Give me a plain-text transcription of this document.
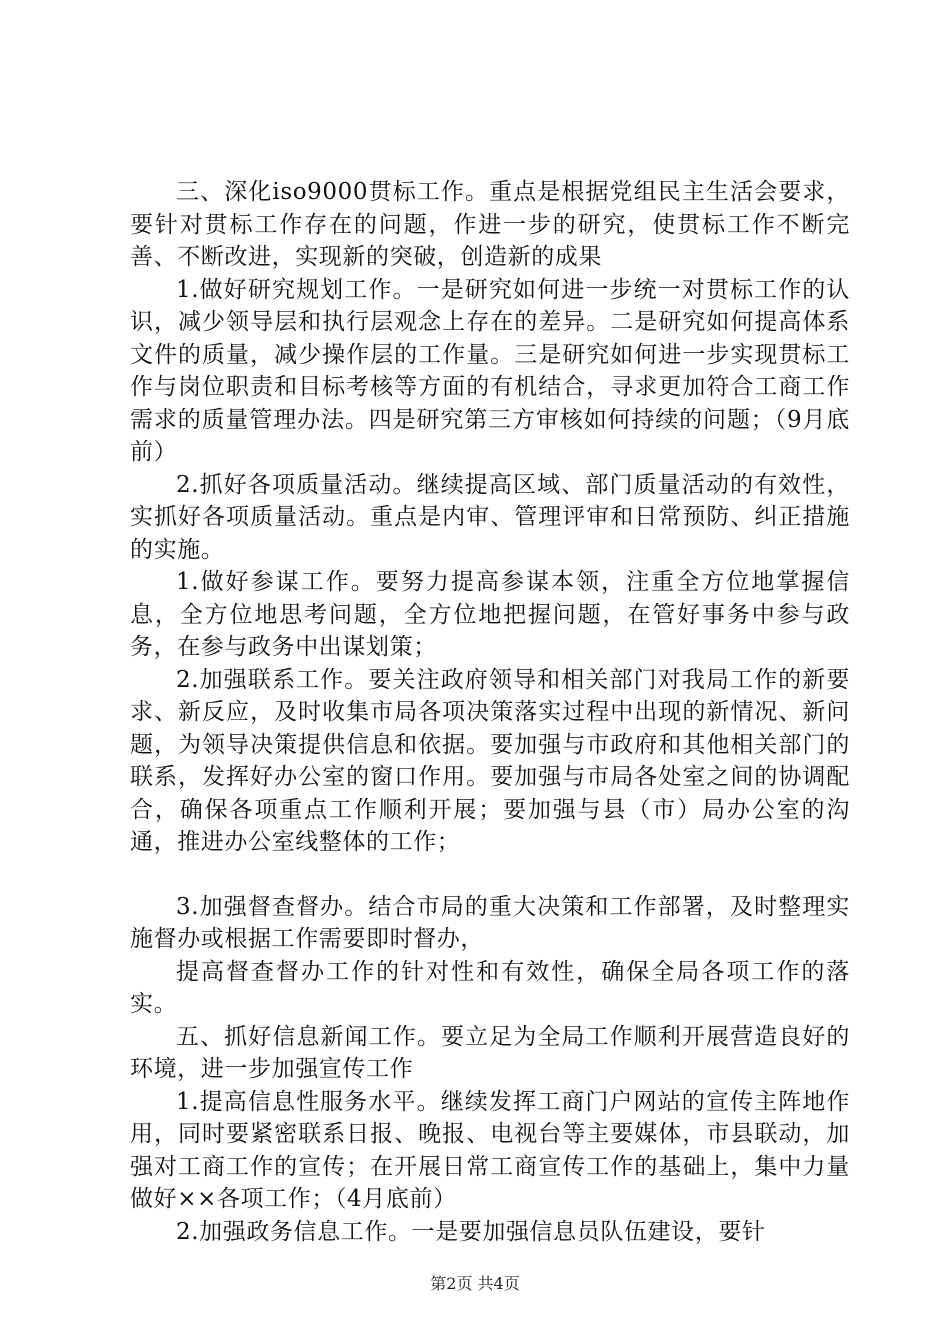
三、深化iso9000贯标工作。重点是根据党组民主生活会要求，要针对贯标工作存在的问题，作进一步的研究，使贯标工作不断完善、不断改进，实现新的突破，创造新的成果

1.做好研究规划工作。一是研究如何进一步统一对贯标工作的认识，减少领导层和执行层观念上存在的差异。二是研究如何提高体系文件的质量，减少操作层的工作量。三是研究如何进一步实现贯标工作与岗位职责和目标考核等方面的有机结合，寻求更加符合工商工作需求的质量管理办法。四是研究第三方审核如何持续的问题；（9月底前）

2.抓好各项质量活动。继续提高区域、部门质量活动的有效性，实抓好各项质量活动。重点是内审、管理评审和日常预防、纠正措施的实施。

1.做好参谋工作。要努力提高参谋本领，注重全方位地掌握信息，全方位地思考问题，全方位地把握问题，在管好事务中参与政务，在参与政务中出谋划策；

2.加强联系工作。要关注政府领导和相关部门对我局工作的新要求、新反应，及时收集市局各项决策落实过程中出现的新情况、新问题，为领导决策提供信息和依据。要加强与市政府和其他相关部门的联系，发挥好办公室的窗口作用。要加强与市局各处室之间的协调配合，确保各项重点工作顺利开展；要加强与县（市）局办公室的沟通，推进办公室线整体的工作；

3.加强督查督办。结合市局的重大决策和工作部署，及时整理实施督办或根据工作需要即时督办，

提高督查督办工作的针对性和有效性，确保全局各项工作的落实。

五、抓好信息新闻工作。要立足为全局工作顺利开展营造良好的环境，进一步加强宣传工作

1.提高信息性服务水平。继续发挥工商门户网站的宣传主阵地作用，同时要紧密联系日报、晚报、电视台等主要媒体，市县联动，加强对工商工作的宣传；在开展日常工商宣传工作的基础上，集中力量做好××各项工作；（4月底前）

2.加强政务信息工作。一是要加强信息员队伍建设，要针

第2页 共4页
